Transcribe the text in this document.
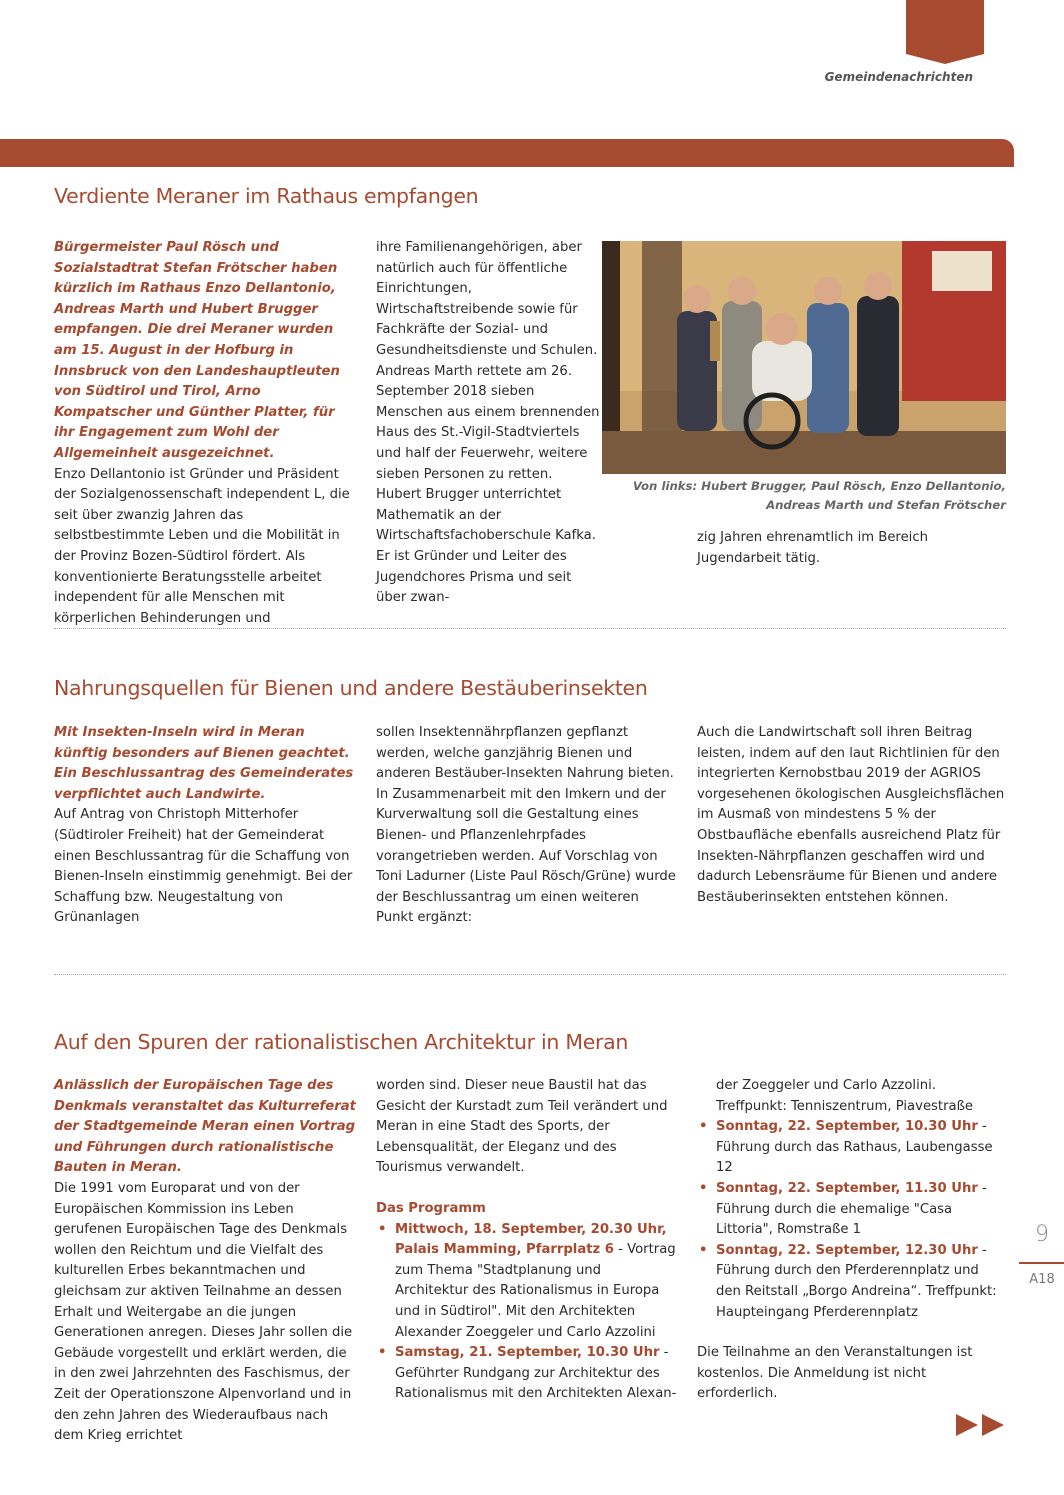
Gemeindenachrichten
Verdiente Meraner im Rathaus empfangen

Bürgermeister Paul Rösch und Sozialstadtrat Stefan Frötscher haben kürzlich im Rathaus Enzo Dellantonio, Andreas Marth und Hubert Brugger empfangen. Die drei Meraner wurden am 15. August in der Hofburg in Innsbruck von den Landeshauptleuten von Südtirol und Tirol, Arno Kompatscher und Günther Platter, für ihr Engagement zum Wohl der Allgemeinheit ausgezeichnet.

Enzo Dellantonio ist Gründer und Präsident der Sozialgenossenschaft independent L, die seit über zwanzig Jahren das selbstbestimmte Leben und die Mobilität in der Provinz Bozen-Südtirol fördert. Als konventionierte Beratungsstelle arbeitet independent für alle Menschen mit körperlichen Behinderungen und

ihre Familienangehörigen, aber natürlich auch für öffentliche Einrichtungen, Wirtschaftstreibende sowie für Fachkräfte der Sozial- und Gesundheitsdienste und Schulen.

Andreas Marth rettete am 26. September 2018 sieben Menschen aus einem brennenden Haus des St.-Vigil-Stadtviertels und half der Feuerwehr, weitere sieben Personen zu retten.

Hubert Brugger unterrichtet Mathematik an der Wirtschaftsfachoberschule Kafka. Er ist Gründer und Leiter des Jugendchores Prisma und seit über zwan-

Von links: Hubert Brugger, Paul Rösch, Enzo Dellantonio, Andreas Marth und Stefan Frötscher

zig Jahren ehrenamtlich im Bereich Jugendarbeit tätig.

Nahrungsquellen für Bienen und andere Bestäuberinsekten

Mit Insekten-Inseln wird in Meran künftig besonders auf Bienen geachtet. Ein Beschlussantrag des Gemeinderates verpflichtet auch Landwirte.

Auf Antrag von Christoph Mitterhofer (Südtiroler Freiheit) hat der Gemeinderat einen Beschlussantrag für die Schaffung von Bienen-Inseln einstimmig genehmigt. Bei der Schaffung bzw. Neugestaltung von Grünanlagen

sollen Insektennährpflanzen gepflanzt werden, welche ganzjährig Bienen und anderen Bestäuber-Insekten Nahrung bieten. In Zusammenarbeit mit den Imkern und der Kurverwaltung soll die Gestaltung eines Bienen- und Pflanzenlehrpfades vorangetrieben werden. Auf Vorschlag von Toni Ladurner (Liste Paul Rösch/Grüne) wurde der Beschlussantrag um einen weiteren Punkt ergänzt:

Auch die Landwirtschaft soll ihren Beitrag leisten, indem auf den laut Richtlinien für den integrierten Kernobstbau 2019 der AGRIOS vorgesehenen ökologischen Ausgleichsflächen im Ausmaß von mindestens 5 % der Obstbaufläche ebenfalls ausreichend Platz für Insekten-Nährpflanzen geschaffen wird und dadurch Lebensräume für Bienen und andere Bestäuberinsekten entstehen können.

Auf den Spuren der rationalistischen Architektur in Meran

Anlässlich der Europäischen Tage des Denkmals veranstaltet das Kulturreferat der Stadtgemeinde Meran einen Vortrag und Führungen durch rationalistische Bauten in Meran.

Die 1991 vom Europarat und von der Europäischen Kommission ins Leben gerufenen Europäischen Tage des Denkmals wollen den Reichtum und die Vielfalt des kulturellen Erbes bekanntmachen und gleichsam zur aktiven Teilnahme an dessen Erhalt und Weitergabe an die jungen Generationen anregen. Dieses Jahr sollen die Gebäude vorgestellt und erklärt werden, die in den zwei Jahrzehnten des Faschismus, der Zeit der Operationszone Alpenvorland und in den zehn Jahren des Wiederaufbaus nach dem Krieg errichtet

worden sind. Dieser neue Baustil hat das Gesicht der Kurstadt zum Teil verändert und Meran in eine Stadt des Sports, der Lebensqualität, der Eleganz und des Tourismus verwandelt.

Das Programm

• Mittwoch, 18. September, 20.30 Uhr, Palais Mamming, Pfarrplatz 6 - Vortrag zum Thema "Stadtplanung und Architektur des Rationalismus in Europa und in Südtirol". Mit den Architekten Alexander Zoeggeler und Carlo Azzolini
• Samstag, 21. September, 10.30 Uhr - Geführter Rundgang zur Architektur des Rationalismus mit den Architekten Alexan-

der Zoeggeler und Carlo Azzolini. Treffpunkt: Tenniszentrum, Piavestraße

• Sonntag, 22. September, 10.30 Uhr - Führung durch das Rathaus, Laubengasse 12
• Sonntag, 22. September, 11.30 Uhr - Führung durch die ehemalige "Casa Littoria", Romstraße 1
• Sonntag, 22. September, 12.30 Uhr - Führung durch den Pferderennplatz und den Reitstall „Borgo Andreina“. Treffpunkt: Haupteingang Pferderennplatz

Die Teilnahme an den Veranstaltungen ist kostenlos. Die Anmeldung ist nicht erforderlich.

9
A18
